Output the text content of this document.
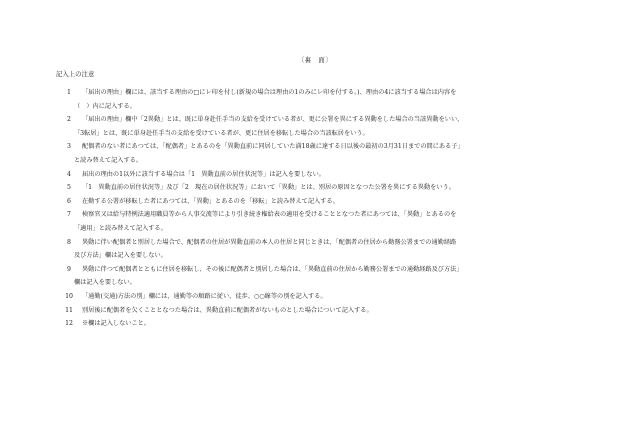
〔裏　面〕
記入上の注意
1	「届出の理由」欄には、該当する理由の□にレ印を付し(新規の場合は理由の1のみにレ印を付する。)、理由の4に該当する場合は内容を
（　）内に記入する。
2	「届出の理由」欄中「2異動」とは、既に単身赴任手当の支給を受けている者が、更に公署を異にする異動をした場合の当該異動をいい、
「3転居」とは、既に単身赴任手当の支給を受けている者が、更に住居を移転した場合の当該転居をいう。
3	配偶者のない者にあつては、「配偶者」とあるのを「異動直前に同居していた満18歳に達する日以後の最初の3月31日までの間にある子」
と読み替えて記入する。
4	届出の理由の1以外に該当する場合は「1　異動直前の居住状況等」は記入を要しない。
5	「1　異動直前の居住状況等」及び「2　現在の居住状況等」において「異動」とは、別居の原因となつた公署を異にする異動をいう。
6	在勤する公署が移転した者にあつては、「異動」とあるのを「移転」と読み替えて記入する。
7	検察官又は給与特例法適用職員等から人事交流等により引き続き権給表の適用を受けることとなつた者にあつては、「異動」とあるのを
「適用」と読み替えて記入する。
8	異動に伴い配偶者と別居した場合で、配偶者の住居が異動直前の本人の住居と同じときは、「配偶者の住居から勤務公署までの通勤経路
及び方法」欄は記入を要しない。
9	異動に伴つて配偶者とともに住居を移転し、その後に配偶者と別居した場合は、「異動直前の住居から勤務公署までの通勤経路及び方法」
欄は記入を要しない。
10	「通勤(交通)方法の別」欄には、通勤等の順路に従い、徒歩、○○線等の別を記入する。
11	別居後に配偶者を欠くこととなつた場合は、異動直前に配偶者がないものとした場合について記入する。
12	※欄は記入しないこと。
